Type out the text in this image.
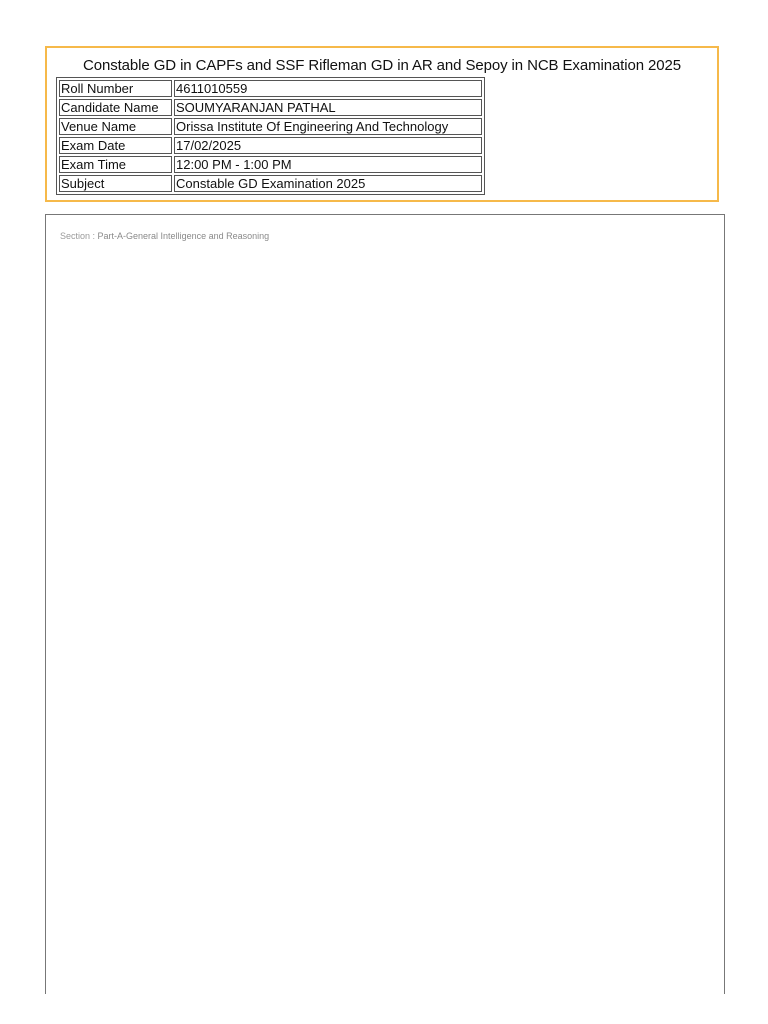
Constable GD in CAPFs and SSF Rifleman GD in AR and Sepoy in NCB Examination 2025
Roll Number	4611010559
Candidate Name	SOUMYARANJAN PATHAL
Venue Name	Orissa Institute Of Engineering And Technology
Exam Date	17/02/2025
Exam Time	12:00 PM - 1:00 PM
Subject	Constable GD Examination 2025
Section : Part-A-General Intelligence and Reasoning
